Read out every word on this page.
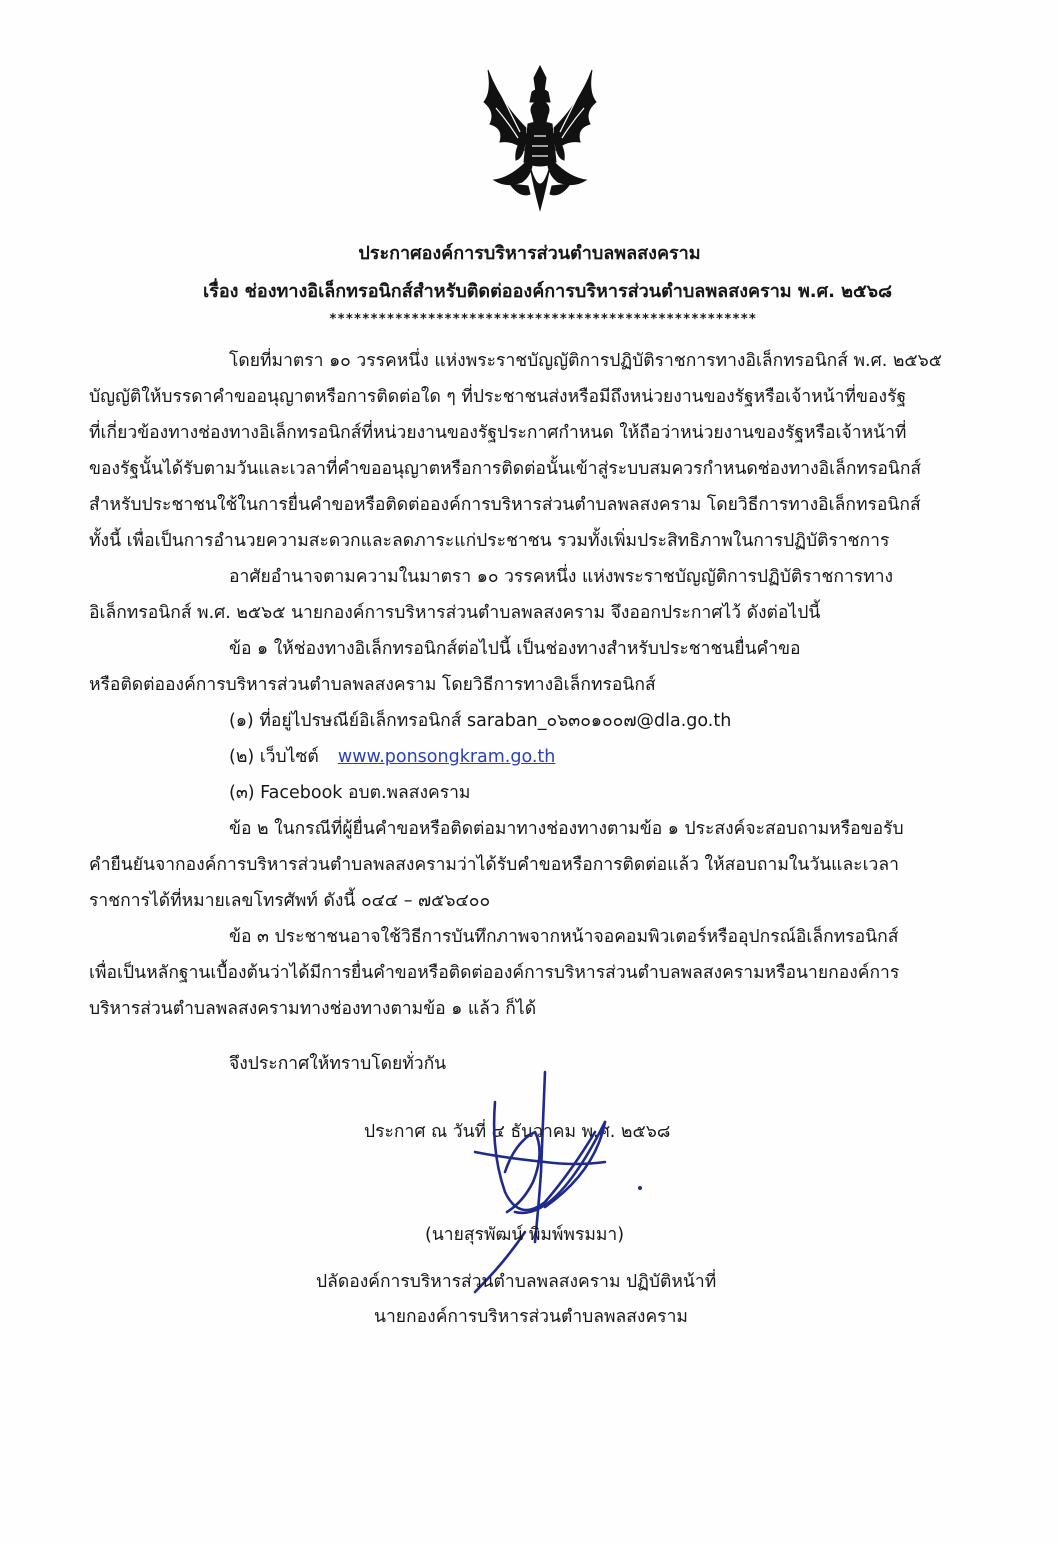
ประกาศองค์การบริหารส่วนตำบลพลสงคราม
เรื่อง ช่องทางอิเล็กทรอนิกส์สำหรับติดต่อองค์การบริหารส่วนตำบลพลสงคราม พ.ศ. ๒๕๖๘
****************************************************
โดยที่มาตรา ๑๐ วรรคหนึ่ง แห่งพระราชบัญญัติการปฏิบัติราชการทางอิเล็กทรอนิกส์ พ.ศ. ๒๕๖๕
บัญญัติให้บรรดาคำขออนุญาตหรือการติดต่อใด ๆ ที่ประชาชนส่งหรือมีถึงหน่วยงานของรัฐหรือเจ้าหน้าที่ของรัฐ
ที่เกี่ยวข้องทางช่องทางอิเล็กทรอนิกส์ที่หน่วยงานของรัฐประกาศกำหนด ให้ถือว่าหน่วยงานของรัฐหรือเจ้าหน้าที่
ของรัฐนั้นได้รับตามวันและเวลาที่คำขออนุญาตหรือการติดต่อนั้นเข้าสู่ระบบสมควรกำหนดช่องทางอิเล็กทรอนิกส์
สำหรับประชาชนใช้ในการยื่นคำขอหรือติดต่อองค์การบริหารส่วนตำบลพลสงคราม โดยวิธีการทางอิเล็กทรอนิกส์
ทั้งนี้ เพื่อเป็นการอำนวยความสะดวกและลดภาระแก่ประชาชน รวมทั้งเพิ่มประสิทธิภาพในการปฏิบัติราชการ
อาศัยอำนาจตามความในมาตรา ๑๐ วรรคหนึ่ง แห่งพระราชบัญญัติการปฏิบัติราชการทาง
อิเล็กทรอนิกส์ พ.ศ. ๒๕๖๕ นายกองค์การบริหารส่วนตำบลพลสงคราม จึงออกประกาศไว้ ดังต่อไปนี้
ข้อ ๑ ให้ช่องทางอิเล็กทรอนิกส์ต่อไปนี้ เป็นช่องทางสำหรับประชาชนยื่นคำขอ
หรือติดต่อองค์การบริหารส่วนตำบลพลสงคราม โดยวิธีการทางอิเล็กทรอนิกส์
(๑) ที่อยู่ไปรษณีย์อิเล็กทรอนิกส์ saraban_๐๖๓๐๑๐๐๗@dla.go.th
(๒) เว็บไซต์ www.ponsongkram.go.th
(๓) Facebook อบต.พลสงคราม
ข้อ ๒ ในกรณีที่ผู้ยื่นคำขอหรือติดต่อมาทางช่องทางตามข้อ ๑ ประสงค์จะสอบถามหรือขอรับ
คำยืนยันจากองค์การบริหารส่วนตำบลพลสงครามว่าได้รับคำขอหรือการติดต่อแล้ว ให้สอบถามในวันและเวลา
ราชการได้ที่หมายเลขโทรศัพท์ ดังนี้ ๐๔๔ – ๗๕๖๔๐๐
ข้อ ๓ ประชาชนอาจใช้วิธีการบันทึกภาพจากหน้าจอคอมพิวเตอร์หรืออุปกรณ์อิเล็กทรอนิกส์
เพื่อเป็นหลักฐานเบื้องต้นว่าได้มีการยื่นคำขอหรือติดต่อองค์การบริหารส่วนตำบลพลสงครามหรือนายกองค์การ
บริหารส่วนตำบลพลสงครามทางช่องทางตามข้อ ๑ แล้ว ก็ได้
จึงประกาศให้ทราบโดยทั่วกัน
ประกาศ ณ วันที่ ๔ ธันวาคม พ.ศ. ๒๕๖๘
(นายสุรพัฒน์ พิมพ์พรมมา)
ปลัดองค์การบริหารส่วนตำบลพลสงคราม ปฏิบัติหน้าที่
นายกองค์การบริหารส่วนตำบลพลสงคราม
